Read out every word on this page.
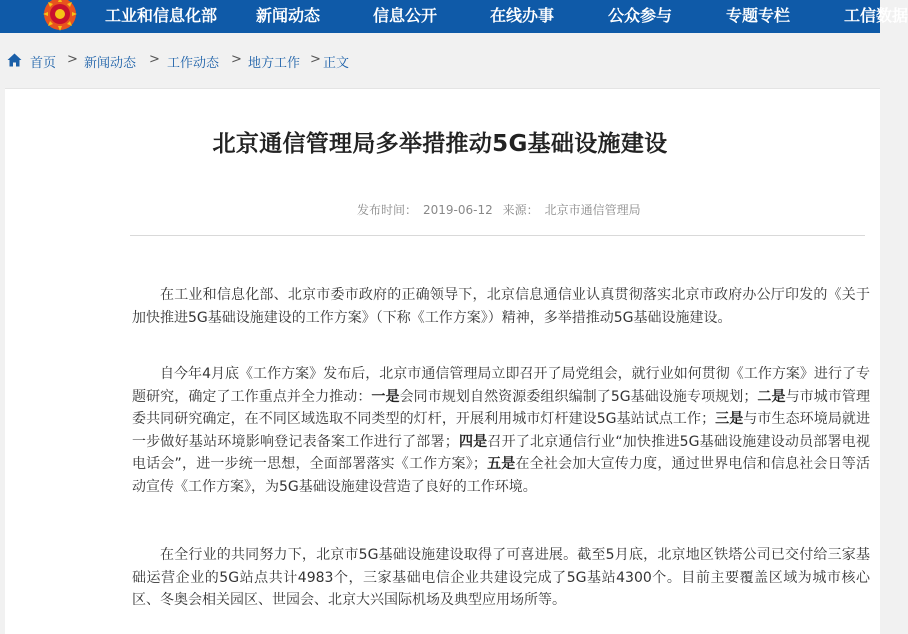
工业和信息化部 新闻动态	信息公开	在线办事	公众参与	专题专栏	工信数据
首页 > 新闻动态 > 工作动态 > 地方工作 > 正文
北京通信管理局多举措推动5G基础设施建设
发布时间： 2019-06-12 来源： 北京市通信管理局

在工业和信息化部、北京市委市政府的正确领导下，北京信息通信业认真贯彻落实北京市政府办公厅印发的《关于加快推进5G基础设施建设的工作方案》（下称《工作方案》）精神，多举措推动5G基础设施建设。

自今年4月底《工作方案》发布后，北京市通信管理局立即召开了局党组会，就行业如何贯彻《工作方案》进行了专题研究，确定了工作重点并全力推动：一是会同市规划自然资源委组织编制了5G基础设施专项规划；二是与市城市管理委共同研究确定，在不同区域选取不同类型的灯杆，开展利用城市灯杆建设5G基站试点工作；三是与市生态环境局就进一步做好基站环境影响登记表备案工作进行了部署；四是召开了北京通信行业“加快推进5G基础设施建设动员部署电视电话会”，进一步统一思想，全面部署落实《工作方案》；五是在全社会加大宣传力度，通过世界电信和信息社会日等活动宣传《工作方案》，为5G基础设施建设营造了良好的工作环境。

在全行业的共同努力下，北京市5G基础设施建设取得了可喜进展。截至5月底，北京地区铁塔公司已交付给三家基础运营企业的5G站点共计4983个，三家基础电信企业共建设完成了5G基站4300个。目前主要覆盖区域为城市核心区、冬奥会相关园区、世园会、北京大兴国际机场及典型应用场所等。
